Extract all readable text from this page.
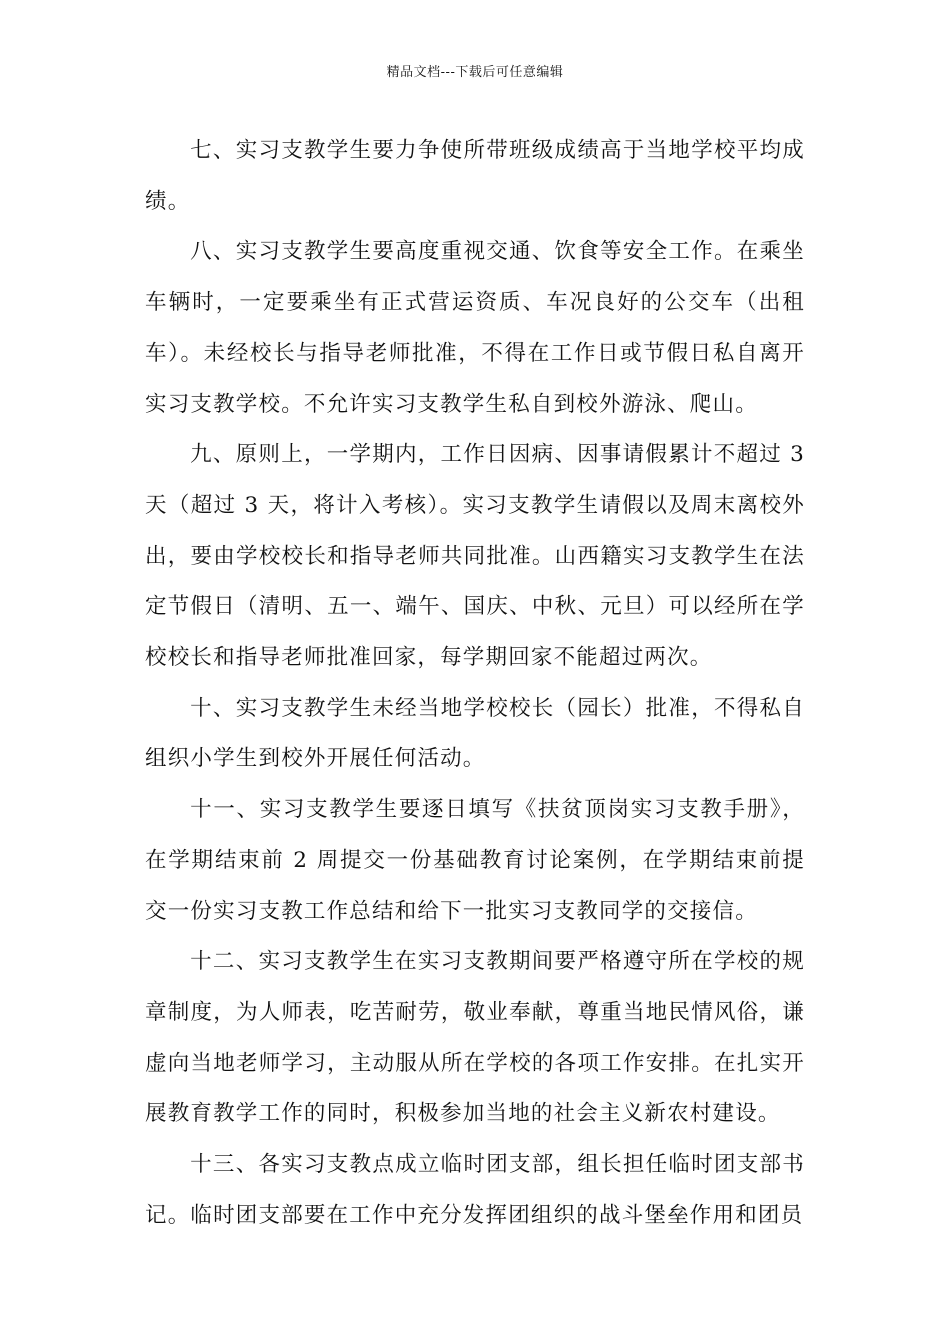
精品文档---下载后可任意编辑

七、实习支教学生要力争使所带班级成绩高于当地学校平均成绩。

八、实习支教学生要高度重视交通、饮食等安全工作。在乘坐车辆时，一定要乘坐有正式营运资质、车况良好的公交车（出租车）。未经校长与指导老师批准，不得在工作日或节假日私自离开实习支教学校。不允许实习支教学生私自到校外游泳、爬山。

九、原则上，一学期内，工作日因病、因事请假累计不超过 3 天（超过 3 天，将计入考核）。实习支教学生请假以及周末离校外出，要由学校校长和指导老师共同批准。山西籍实习支教学生在法定节假日（清明、五一、端午、国庆、中秋、元旦）可以经所在学校校长和指导老师批准回家，每学期回家不能超过两次。

十、实习支教学生未经当地学校校长（园长）批准，不得私自组织小学生到校外开展任何活动。

十一、实习支教学生要逐日填写《扶贫顶岗实习支教手册》，在学期结束前 2 周提交一份基础教育讨论案例，在学期结束前提交一份实习支教工作总结和给下一批实习支教同学的交接信。

十二、实习支教学生在实习支教期间要严格遵守所在学校的规章制度，为人师表，吃苦耐劳，敬业奉献，尊重当地民情风俗，谦虚向当地老师学习，主动服从所在学校的各项工作安排。在扎实开展教育教学工作的同时，积极参加当地的社会主义新农村建设。

十三、各实习支教点成立临时团支部，组长担任临时团支部书记。临时团支部要在工作中充分发挥团组织的战斗堡垒作用和团员
